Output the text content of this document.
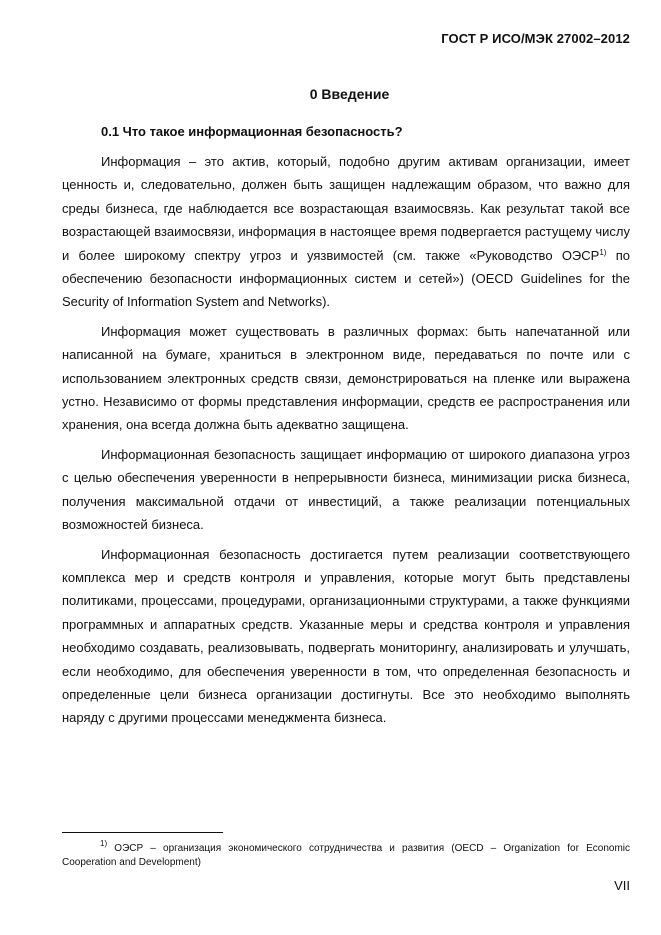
ГОСТ Р ИСО/МЭК 27002–2012
0 Введение
0.1 Что такое информационная безопасность?

Информация – это актив, который, подобно другим активам организации, имеет ценность и, следовательно, должен быть защищен надлежащим образом, что важно для среды бизнеса, где наблюдается все возрастающая взаимосвязь. Как результат такой все возрастающей взаимосвязи, информация в настоящее время подвергается растущему числу и более широкому спектру угроз и уязвимостей (см. также «Руководство ОЭСР$^{1)}$ по обеспечению безопасности информационных систем и сетей») (OECD Guidelines for the Security of Information System and Networks).

Информация может существовать в различных формах: быть напечатанной или написанной на бумаге, храниться в электронном виде, передаваться по почте или с использованием электронных средств связи, демонстрироваться на пленке или выражена устно. Независимо от формы представления информации, средств ее распространения или хранения, она всегда должна быть адекватно защищена.

Информационная безопасность защищает информацию от широкого диапазона угроз с целью обеспечения уверенности в непрерывности бизнеса, минимизации риска бизнеса, получения максимальной отдачи от инвестиций, а также реализации потенциальных возможностей бизнеса.

Информационная безопасность достигается путем реализации соответствующего комплекса мер и средств контроля и управления, которые могут быть представлены политиками, процессами, процедурами, организационными структурами, а также функциями программных и аппаратных средств. Указанные меры и средства контроля и управления необходимо создавать, реализовывать, подвергать мониторингу, анализировать и улучшать, если необходимо, для обеспечения уверенности в том, что определенная безопасность и определенные цели бизнеса организации достигнуты. Все это необходимо выполнять наряду с другими процессами менеджмента бизнеса.

$^{1)}$ ОЭСР – организация экономического сотрудничества и развития (OECD – Organization for Economic Cooperation and Development)
VII
